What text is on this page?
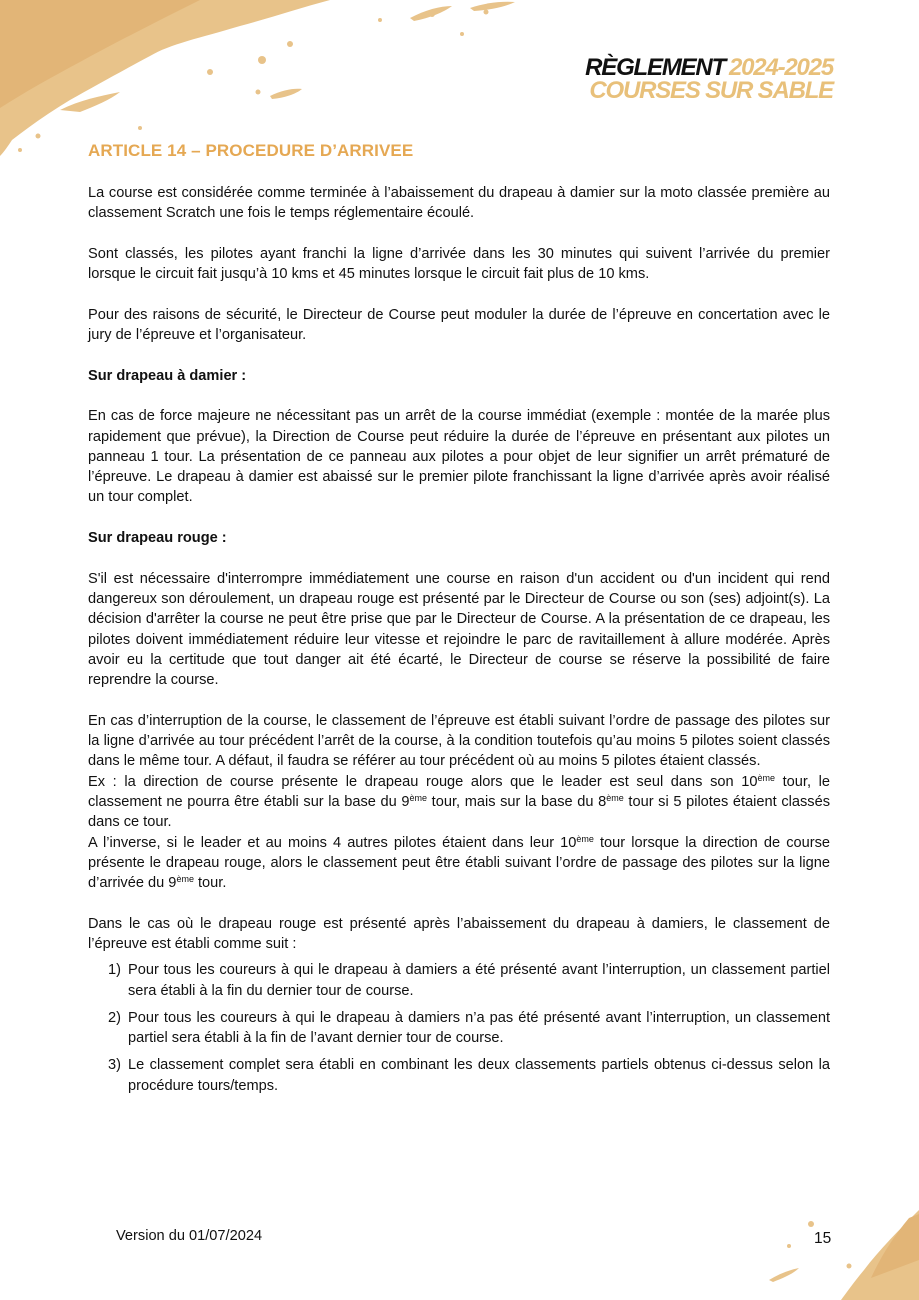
RÈGLEMENT 2024-2025
COURSES SUR SABLE
ARTICLE 14 – PROCEDURE D’ARRIVEE

La course est considérée comme terminée à l’abaissement du drapeau à damier sur la moto classée première au classement Scratch une fois le temps réglementaire écoulé.

Sont classés, les pilotes ayant franchi la ligne d’arrivée dans les 30 minutes qui suivent l’arrivée du premier lorsque le circuit fait jusqu’à 10 kms et 45 minutes lorsque le circuit fait plus de 10 kms.

Pour des raisons de sécurité, le Directeur de Course peut moduler la durée de l’épreuve en concertation avec le jury de l’épreuve et l’organisateur.

Sur drapeau à damier :

En cas de force majeure ne nécessitant pas un arrêt de la course immédiat (exemple : montée de la marée plus rapidement que prévue), la Direction de Course peut réduire la durée de l’épreuve en présentant aux pilotes un panneau 1 tour. La présentation de ce panneau aux pilotes a pour objet de leur signifier un arrêt prématuré de l’épreuve. Le drapeau à damier est abaissé sur le premier pilote franchissant la ligne d’arrivée après avoir réalisé un tour complet.

Sur drapeau rouge :

S'il est nécessaire d'interrompre immédiatement une course en raison d'un accident ou d'un incident qui rend dangereux son déroulement, un drapeau rouge est présenté par le Directeur de Course ou son (ses) adjoint(s). La décision d'arrêter la course ne peut être prise que par le Directeur de Course. A la présentation de ce drapeau, les pilotes doivent immédiatement réduire leur vitesse et rejoindre le parc de ravitaillement à allure modérée. Après avoir eu la certitude que tout danger ait été écarté, le Directeur de course se réserve la possibilité de faire reprendre la course.

En cas d’interruption de la course, le classement de l’épreuve est établi suivant l’ordre de passage des pilotes sur la ligne d’arrivée au tour précédent l’arrêt de la course, à la condition toutefois qu’au moins 5 pilotes soient classés dans le même tour. A défaut, il faudra se référer au tour précédent où au moins 5 pilotes étaient classés.

Ex : la direction de course présente le drapeau rouge alors que le leader est seul dans son 10ème tour, le classement ne pourra être établi sur la base du 9ème tour, mais sur la base du 8ème tour si 5 pilotes étaient classés dans ce tour.

A l’inverse, si le leader et au moins 4 autres pilotes étaient dans leur 10ème tour lorsque la direction de course présente le drapeau rouge, alors le classement peut être établi suivant l’ordre de passage des pilotes sur la ligne d’arrivée du 9ème tour.

Dans le cas où le drapeau rouge est présenté après l’abaissement du drapeau à damiers, le classement de l’épreuve est établi comme suit :

1) Pour tous les coureurs à qui le drapeau à damiers a été présenté avant l’interruption, un classement partiel sera établi à la fin du dernier tour de course.
2) Pour tous les coureurs à qui le drapeau à damiers n’a pas été présenté avant l’interruption, un classement partiel sera établi à la fin de l’avant dernier tour de course.
3) Le classement complet sera établi en combinant les deux classements partiels obtenus ci-dessus selon la procédure tours/temps.
Version du 01/07/2024	15
